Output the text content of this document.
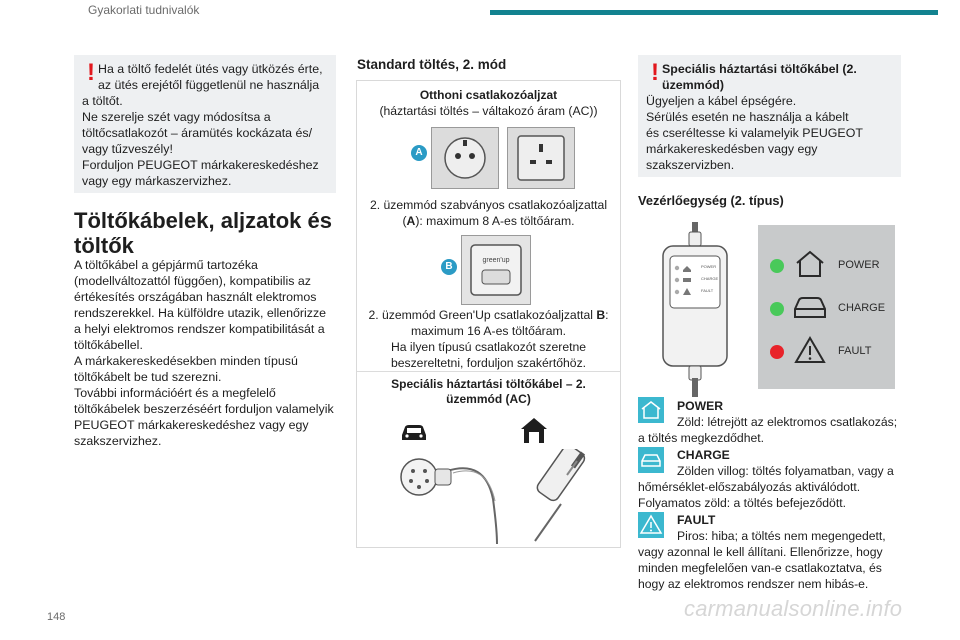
Gyakorlati tudnivalók
! Ha a töltő fedelét ütés vagy ütközés érte,

az ütés erejétől függetlenül ne használja

a töltőt.

Ne szerelje szét vagy módosítsa a

töltőcsatlakozót – áramütés kockázata és/

vagy tűzveszély!

Forduljon PEUGEOT márkakereskedéshez

vagy egy márkaszervizhez.

Töltőkábelek, aljzatok és
töltők

A töltőkábel a gépjármű tartozéka

(modellváltozattól függően), kompatibilis az

értékesítés országában használt elektromos

rendszerekkel. Ha külföldre utazik, ellenőrizze

a helyi elektromos rendszer kompatibilitását a

töltőkábellel.

A márkakereskedésekben minden típusú

töltőkábelt be tud szerezni.

További információért és a megfelelő

töltőkábelek beszerzéséért forduljon valamelyik

PEUGEOT márkakereskedéshez vagy egy

szakszervizhez.

Standard töltés, 2. mód
Otthoni csatlakozóaljzat
(háztartási töltés – váltakozó áram (AC))
A
2. üzemmód szabványos csatlakozóaljzattal
(A): maximum 8 A-es töltőáram.
B
green'up
2. üzemmód Green'Up csatlakozóaljzattal B:
maximum 16 A-es töltőáram.
Ha ilyen típusú csatlakozót szeretne
beszereltetni, forduljon szakértőhöz.
Speciális háztartási töltőkábel – 2.
üzemmód (AC)
! Speciális háztartási töltőkábel (2.

üzemmód)

Ügyeljen a kábel épségére.

Sérülés esetén ne használja a kábelt

és cseréltesse ki valamelyik PEUGEOT

márkakereskedésben vagy egy

szakszervizben.

Vezérlőegység (2. típus)
POWER
CHARGE
FAULT
POWER
CHARGE
FAULT
POWER
Zöld: létrejött az elektromos csatlakozás;
a töltés megkezdődhet.
CHARGE
Zölden villog: töltés folyamatban, vagy a
hőmérséklet-előszabályozás aktiválódott.
Folyamatos zöld: a töltés befejeződött.
FAULT
Piros: hiba; a töltés nem megengedett,
vagy azonnal le kell állítani. Ellenőrizze, hogy
minden megfelelően van-e csatlakoztatva, és
hogy az elektromos rendszer nem hibás-e.
148	carmanualsonline.info
